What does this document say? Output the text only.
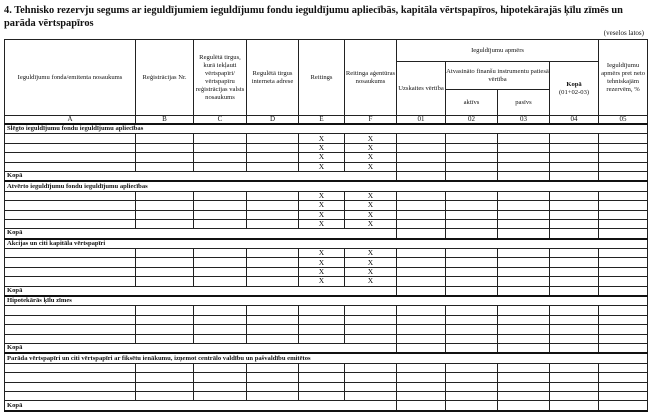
4. Tehnisko rezervju segums ar ieguldījumiem ieguldījumu fondu ieguldījumu apliecībās, kapitāla vērtspapīros, hipotekārajās ķīlu zīmēs un parāda vērtspapīros
(veselos latos)
Ieguldījumu fonda/emitenta nosaukums	Reģistrācijas Nr.	Regulētā tirgus, kurā iekļauti vērtspapīri/ vērtspapīru reģistrācijas valsts nosaukums	Regulētā tirgus interneta adrese	Reitings	Reitinga aģentūras nosaukums	Ieguldījumu apmērs				Ieguldījumu apmērs pret neto tehniskajām rezervēm, %
						Uzskaites vērtība	Atvasināto finanšu instrumentu patiesā vērtība		Kopā
(01+02-03)	
							aktīvs	pasīvs		
A	B	C	D	E	F	01	02	03	04	05
Slēgto ieguldījumu fondu ieguldījumu apliecības										
				X	X					
				X	X					
				X	X					
				X	X					
Kopā										
Atvērto ieguldījumu fondu ieguldījumu apliecības										
				X	X					
				X	X					
				X	X					
				X	X					
Kopā										
Akcijas un citi kapitāla vērtspapīri										
				X	X					
				X	X					
				X	X					
				X	X					
Kopā										
Hipotekārās ķīlu zīmes										

Kopā										
Parāda vērtspapīri un citi vērtspapīri ar fiksētu ienākumu, izņemot centrālo valdību un pašvaldību emitētos										

Kopā										
